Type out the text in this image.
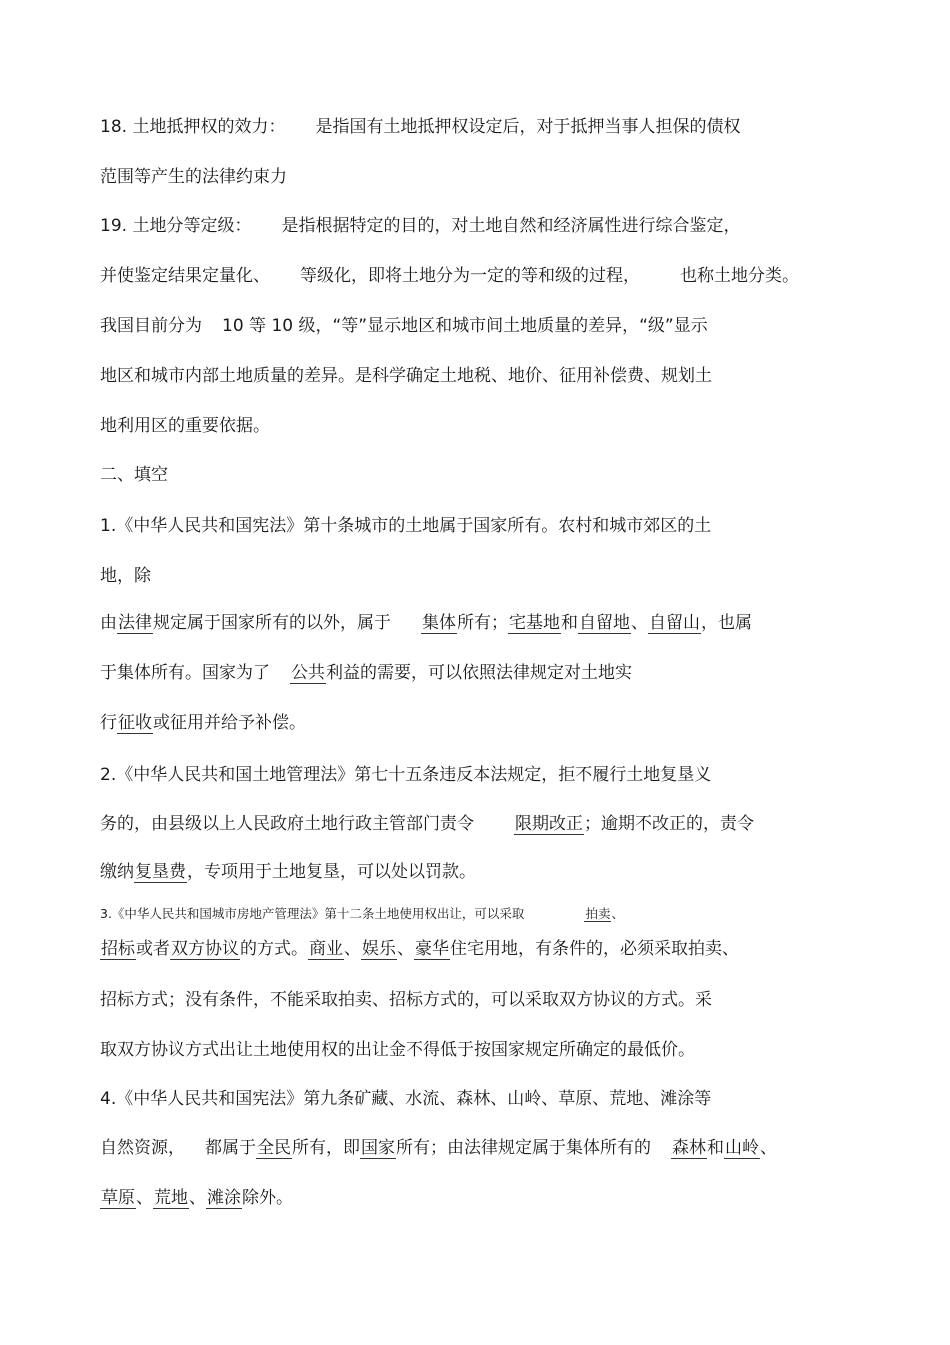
18. 土地抵押权的效力： 是指国有土地抵押权设定后，对于抵押当事人担保的债权
范围等产生的法律约束力
19. 土地分等定级： 是指根据特定的目的，对土地自然和经济属性进行综合鉴定，
并使鉴定结果定量化、 等级化，即将土地分为一定的等和级的过程， 也称土地分类。
我国目前分为 10 等 10 级，“等”显示地区和城市间土地质量的差异，“级”显示
地区和城市内部土地质量的差异。是科学确定土地税、地价、征用补偿费、规划土
地利用区的重要依据。
二、填空
1.《中华人民共和国宪法》第十条城市的土地属于国家所有。农村和城市郊区的土
地，除
由法律规定属于国家所有的以外，属于 集体所有；宅基地和自留地、自留山，也属
于集体所有。国家为了 公共利益的需要，可以依照法律规定对土地实
行征收或征用并给予补偿。
2.《中华人民共和国土地管理法》第七十五条违反本法规定，拒不履行土地复垦义
务的，由县级以上人民政府土地行政主管部门责令 限期改正；逾期不改正的，责令
缴纳复垦费，专项用于土地复垦，可以处以罚款。
3.《中华人民共和国城市房地产管理法》第十二条土地使用权出让，可以采取	拍卖、
招标或者双方协议的方式。商业、娱乐、豪华住宅用地，有条件的，必须采取拍卖、
招标方式；没有条件，不能采取拍卖、招标方式的，可以采取双方协议的方式。采
取双方协议方式出让土地使用权的出让金不得低于按国家规定所确定的最低价。
4.《中华人民共和国宪法》第九条矿藏、水流、森林、山岭、草原、荒地、滩涂等
自然资源， 都属于全民所有，即国家所有；由法律规定属于集体所有的 森林和山岭、
草原、荒地、滩涂除外。
